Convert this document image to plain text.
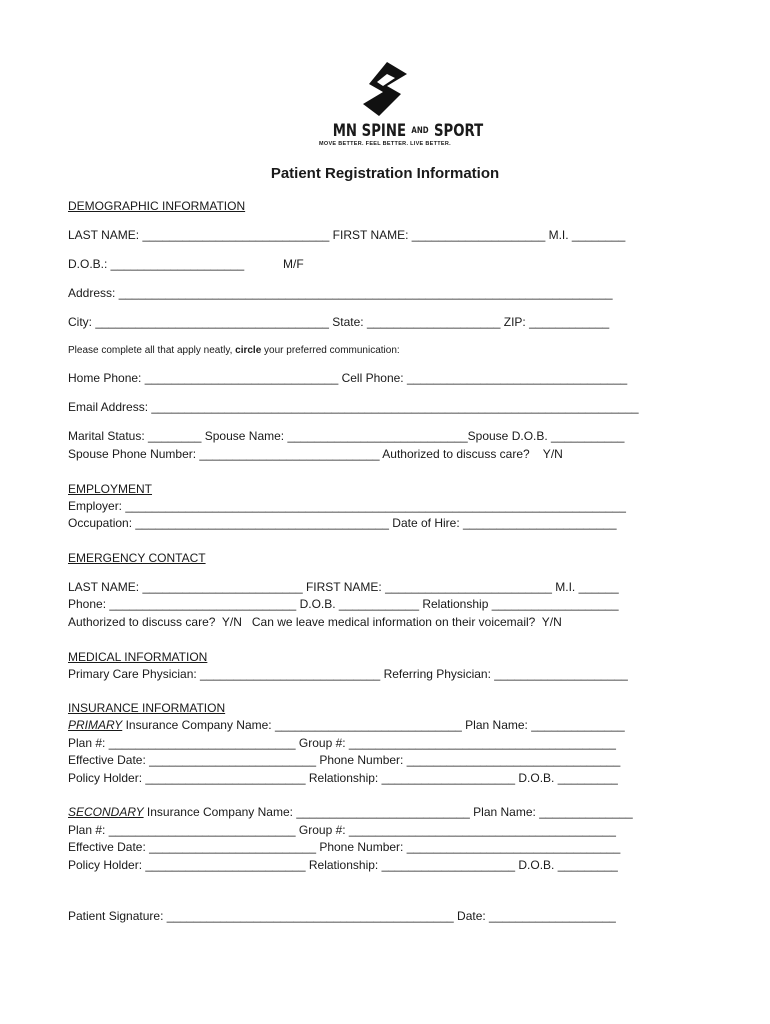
MN SPINE AND SPORT
MOVE BETTER. FEEL BETTER. LIVE BETTER.
Patient Registration Information
DEMOGRAPHIC INFORMATION
LAST NAME: ____________________________ FIRST NAME: ____________________ M.I. ________
D.O.B.: ____________________	M/F
Address: __________________________________________________________________________
City: ___________________________________ State: ____________________ ZIP: ____________
Please complete all that apply neatly, circle your preferred communication:
Home Phone: _____________________________ Cell Phone: _________________________________
Email Address: _________________________________________________________________________
Marital Status: ________ Spouse Name: ___________________________Spouse D.O.B. ___________
Spouse Phone Number: ___________________________ Authorized to discuss care?    Y/N
EMPLOYMENT
Employer: ___________________________________________________________________________
Occupation: ______________________________________ Date of Hire: _______________________
EMERGENCY CONTACT
LAST NAME: ________________________ FIRST NAME: _________________________ M.I. ______
Phone: ____________________________ D.O.B. ____________ Relationship ___________________
Authorized to discuss care?  Y/N   Can we leave medical information on their voicemail?  Y/N
MEDICAL INFORMATION
Primary Care Physician: ___________________________ Referring Physician: ____________________
INSURANCE INFORMATION
PRIMARY Insurance Company Name: ____________________________ Plan Name: ______________
Plan #: ____________________________ Group #: ________________________________________
Effective Date: _________________________ Phone Number: ________________________________
Policy Holder: ________________________ Relationship: ____________________ D.O.B. _________
SECONDARY Insurance Company Name: __________________________ Plan Name: ______________
Plan #: ____________________________ Group #: ________________________________________
Effective Date: _________________________ Phone Number: ________________________________
Policy Holder: ________________________ Relationship: ____________________ D.O.B. _________
Patient Signature: ___________________________________________ Date: ___________________
